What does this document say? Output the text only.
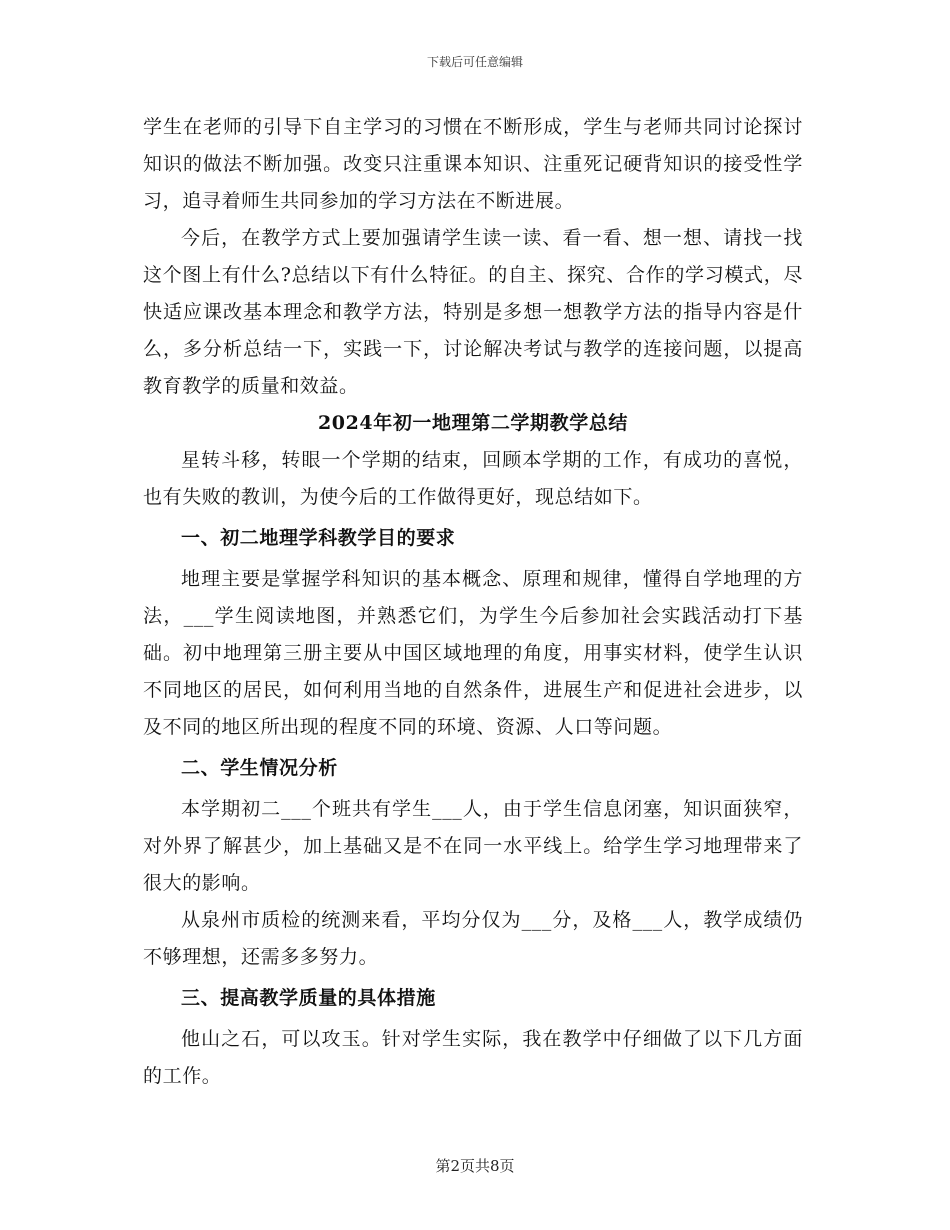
下载后可任意编辑

学生在老师的引导下自主学习的习惯在不断形成，学生与老师共同讨论探讨知识的做法不断加强。改变只注重课本知识、注重死记硬背知识的接受性学习，追寻着师生共同参加的学习方法在不断进展。

今后，在教学方式上要加强请学生读一读、看一看、想一想、请找一找这个图上有什么?总结以下有什么特征。的自主、探究、合作的学习模式，尽快适应课改基本理念和教学方法，特别是多想一想教学方法的指导内容是什么，多分析总结一下，实践一下，讨论解决考试与教学的连接问题，以提高教育教学的质量和效益。

2024年初一地理第二学期教学总结

星转斗移，转眼一个学期的结束，回顾本学期的工作，有成功的喜悦，也有失败的教训，为使今后的工作做得更好，现总结如下。

一、初二地理学科教学目的要求

地理主要是掌握学科知识的基本概念、原理和规律，懂得自学地理的方法，___学生阅读地图，并熟悉它们，为学生今后参加社会实践活动打下基础。初中地理第三册主要从中国区域地理的角度，用事实材料，使学生认识不同地区的居民，如何利用当地的自然条件，进展生产和促进社会进步，以及不同的地区所出现的程度不同的环境、资源、人口等问题。

二、学生情况分析

本学期初二___个班共有学生___人，由于学生信息闭塞，知识面狭窄，对外界了解甚少，加上基础又是不在同一水平线上。给学生学习地理带来了很大的影响。

从泉州市质检的统测来看，平均分仅为___分，及格___人，教学成绩仍不够理想，还需多多努力。

三、提高教学质量的具体措施

他山之石，可以攻玉。针对学生实际，我在教学中仔细做了以下几方面的工作。

第2页共8页
